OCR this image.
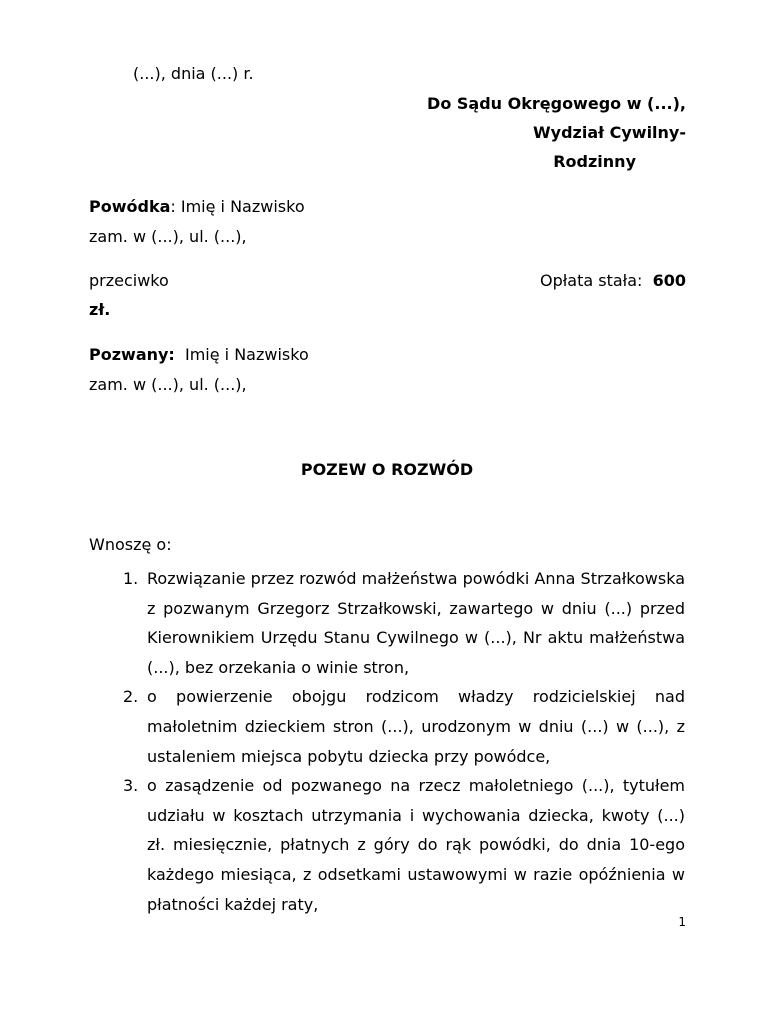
(...), dnia (...) r.
Do Sądu Okręgowego w (...),
Wydział Cywilny-
Rodzinny
Powódka: Imię i Nazwisko
zam. w (...), ul. (...),
przeciwko	Opłata stała: 600
zł.
Pozwany: Imię i Nazwisko
zam. w (...), ul. (...),
POZEW O ROZWÓD
Wnoszę o:
1. Rozwiązanie przez rozwód małżeństwa powódki Anna Strzałkowska z pozwanym Grzegorz Strzałkowski, zawartego w dniu (...) przed Kierownikiem Urzędu Stanu Cywilnego w (...), Nr aktu małżeństwa (...), bez orzekania o winie stron,
2. o powierzenie obojgu rodzicom władzy rodzicielskiej nad małoletnim dzieckiem stron (...), urodzonym w dniu (...) w (...), z ustaleniem miejsca pobytu dziecka przy powódce,
3. o zasądzenie od pozwanego na rzecz małoletniego (...), tytułem udziału w kosztach utrzymania i wychowania dziecka, kwoty (...) zł. miesięcznie, płatnych z góry do rąk powódki, do dnia 10-ego każdego miesiąca, z odsetkami ustawowymi w razie opóźnienia w płatności każdej raty,
1
